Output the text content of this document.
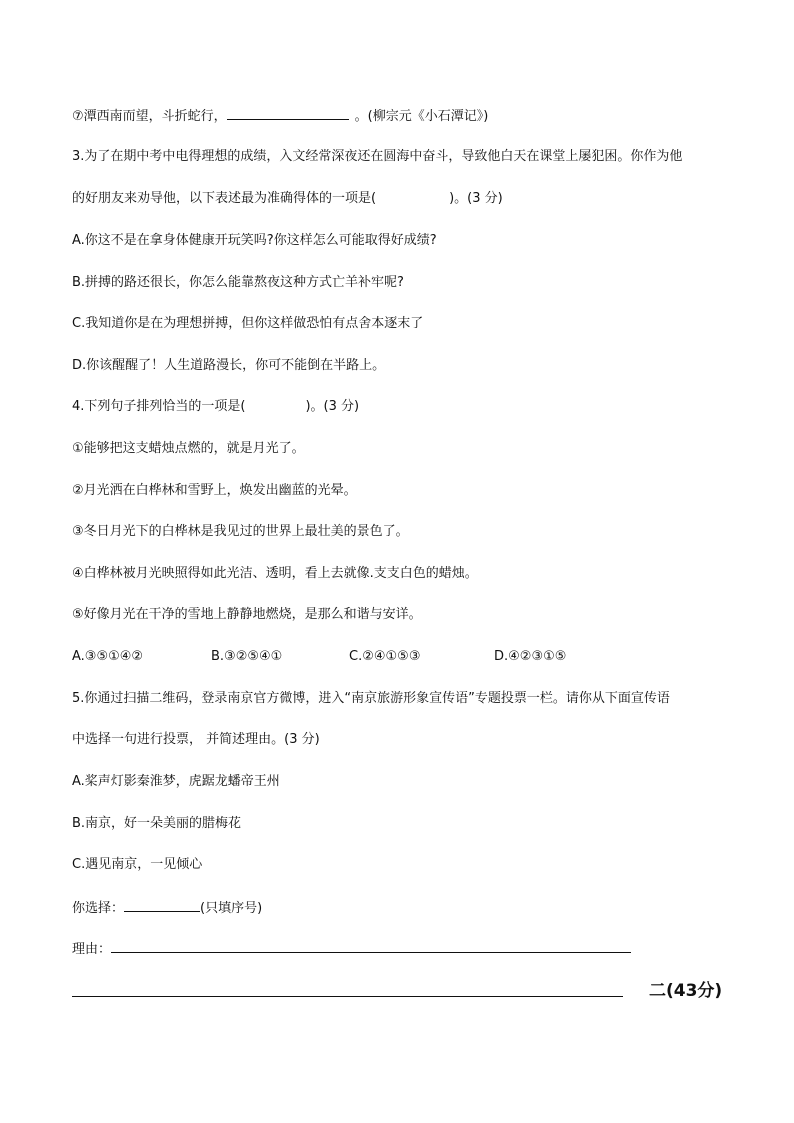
⑦潭西南而望，斗折蛇行，	。(柳宗元《小石潭记》)
3.为了在期中考中电得理想的成绩，入文经常深夜还在圆海中奋斗，导致他白天在课堂上屡犯困。你作为他
的好朋友来劝导他，以下表述最为准确得体的一项是(	)。(3 分)
A.你这不是在拿身体健康开玩笑吗?你这样怎么可能取得好成绩?
B.拼搏的路还很长，你怎么能靠熬夜这种方式亡羊补牢呢?
C.我知道你是在为理想拼搏，但你这样做恐怕有点舍本逐末了
D.你该醒醒了！人生道路漫长，你可不能倒在半路上。
4.下列句子排列恰当的一项是(	)。(3 分)
①能够把这支蜡烛点燃的，就是月光了。
②月光洒在白桦林和雪野上，焕发出幽蓝的光晕。
③冬日月光下的白桦林是我见过的世界上最壮美的景色了。
④白桦林被月光映照得如此光洁、透明，看上去就像.支支白色的蜡烛。
⑤好像月光在干净的雪地上静静地燃烧，是那么和谐与安详。
A.③⑤①④②	B.③②⑤④①	C.②④①⑤③	D.④②③①⑤
5.你通过扫描二维码，登录南京官方微博，进入“南京旅游形象宣传语”专题投票一栏。请你从下面宣传语
中选择一句进行投票， 并简述理由。(3 分)
A.桨声灯影秦淮梦，虎踞龙蟠帝王州
B.南京，好一朵美丽的腊梅花
C.遇见南京，一见倾心
你选择：	(只填序号)
理由：
二(43分)
